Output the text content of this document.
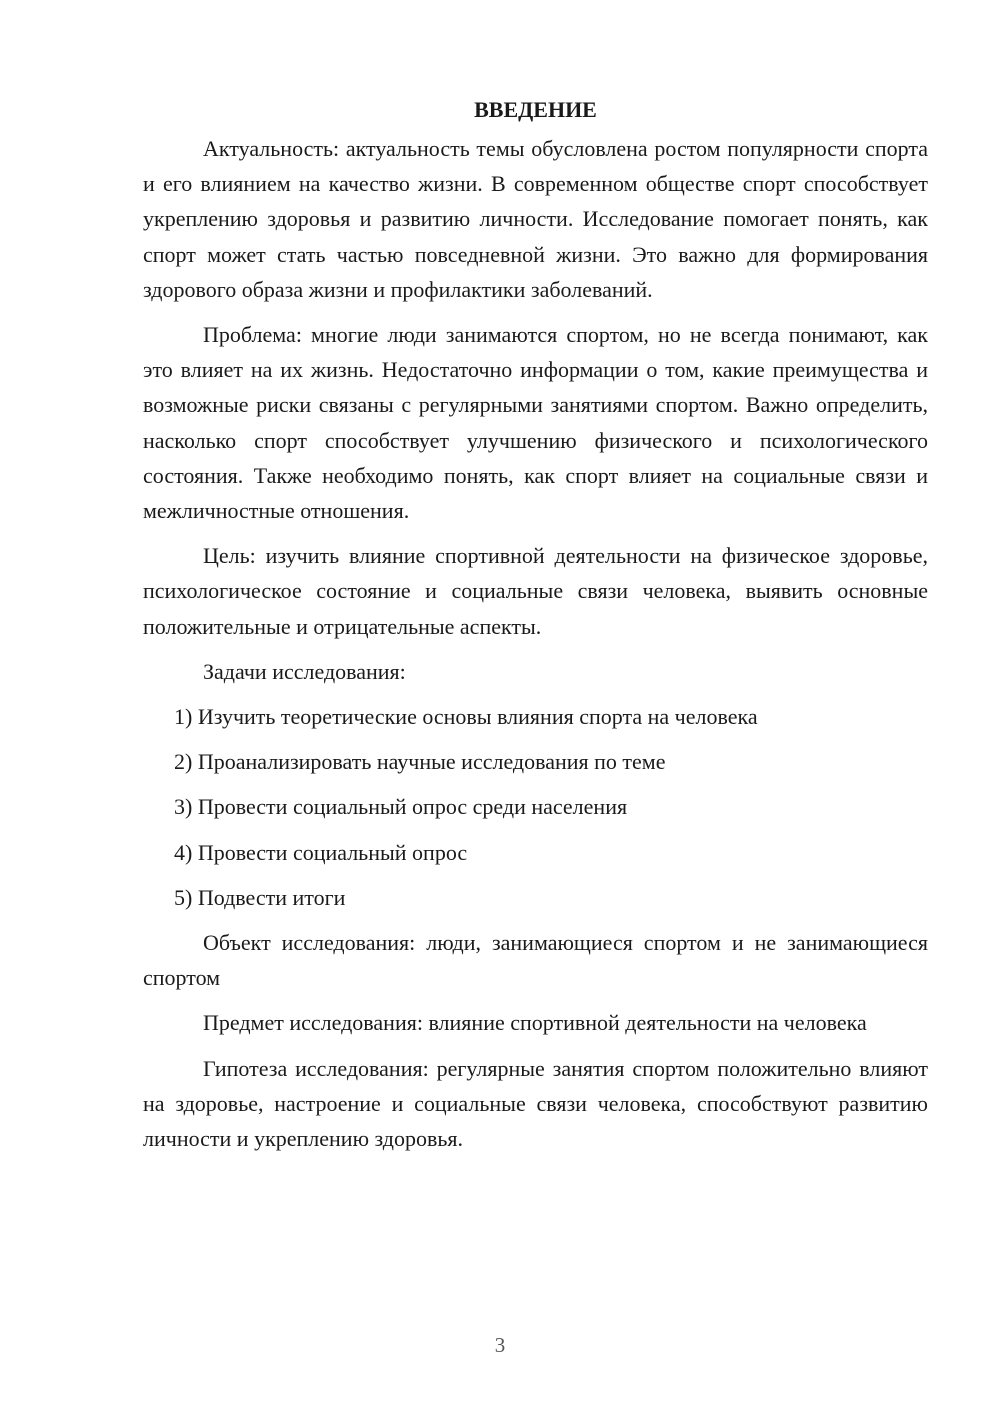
ВВЕДЕНИЕ

Актуальность: актуальность темы обусловлена ростом популярности спорта и его влиянием на качество жизни. В современном обществе спорт способствует укреплению здоровья и развитию личности. Исследование помогает понять, как спорт может стать частью повседневной жизни. Это важно для формирования здорового образа жизни и профилактики заболеваний.

Проблема: многие люди занимаются спортом, но не всегда понимают, как это влияет на их жизнь. Недостаточно информации о том, какие преимущества и возможные риски связаны с регулярными занятиями спортом. Важно определить, насколько спорт способствует улучшению физического и психологического состояния. Также необходимо понять, как спорт влияет на социальные связи и межличностные отношения.

Цель: изучить влияние спортивной деятельности на физическое здоровье, психологическое состояние и социальные связи человека, выявить основные положительные и отрицательные аспекты.

Задачи исследования:

1) Изучить теоретические основы влияния спорта на человека
2) Проанализировать научные исследования по теме
3) Провести социальный опрос среди населения
4) Провести социальный опрос
5) Подвести итоги

Объект исследования: люди, занимающиеся спортом и не занимающиеся спортом

Предмет исследования: влияние спортивной деятельности на человека

Гипотеза исследования: регулярные занятия спортом положительно влияют на здоровье, настроение и социальные связи человека, способствуют развитию личности и укреплению здоровья.

3
